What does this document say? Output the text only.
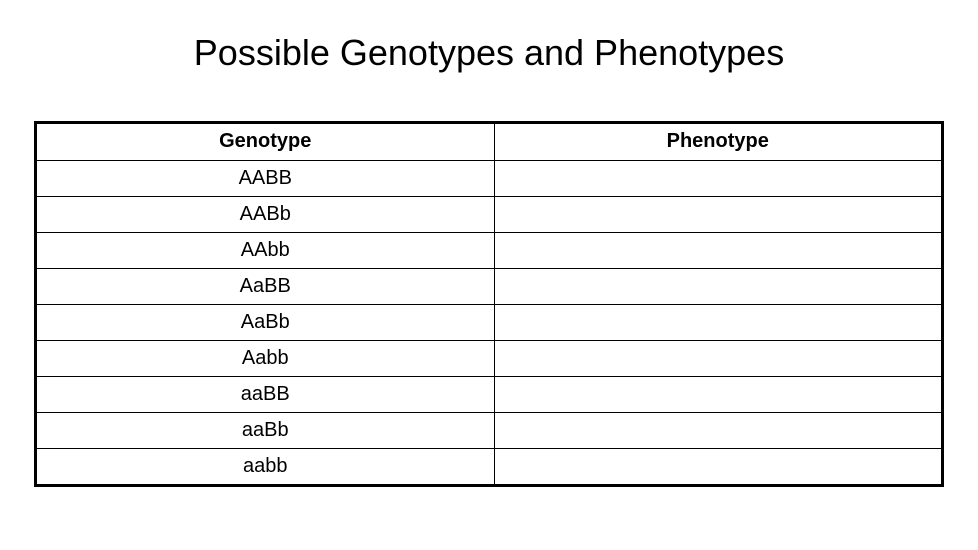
Possible Genotypes and Phenotypes
Genotype	Phenotype
AABB	
AABb	
AAbb	
AaBB	
AaBb	
Aabb	
aaBB	
aaBb	
aabb	
